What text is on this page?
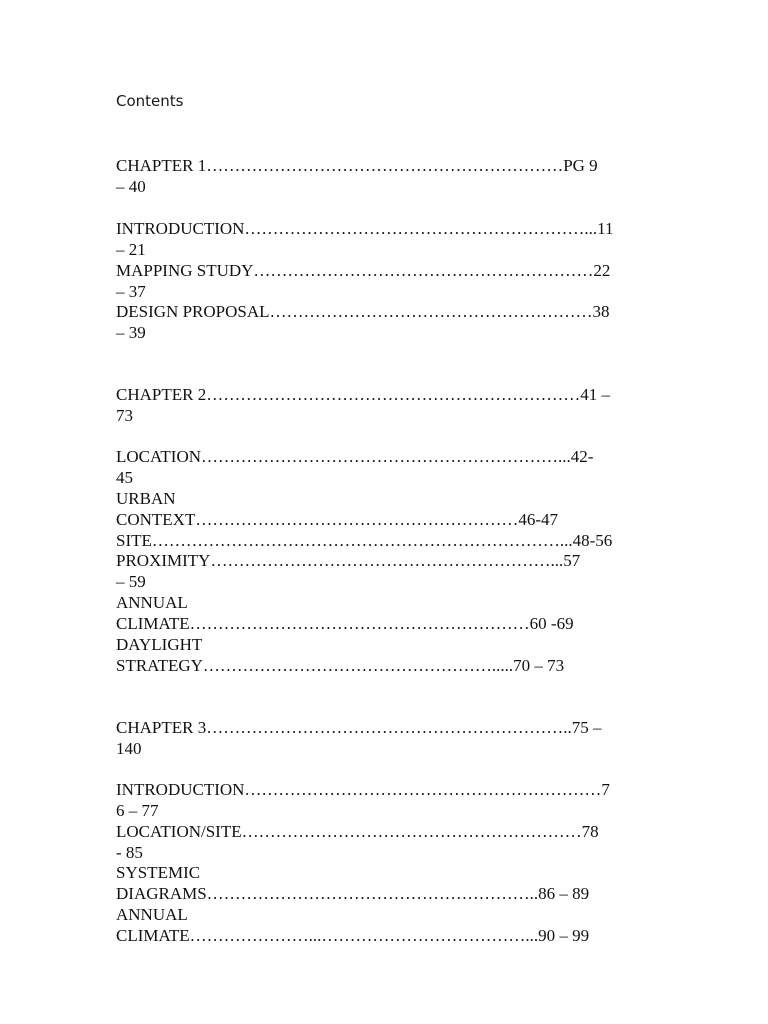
Contents
CHAPTER 1………………………………………………………PG 9
– 40
INTRODUCTION……………………………………………………...11
– 21
MAPPING STUDY……………………………………………………22
– 37
DESIGN PROPOSAL…………………………………………………38
– 39
CHAPTER 2…………………………………………………………41 –
73
LOCATION………………………………………………………...42-
45
URBAN
CONTEXT…………………………………………………46-47
SITE………………………………………………………………...48-56
PROXIMITY……………………………………………………...57
– 59
ANNUAL
CLIMATE……………………………………………………60 -69
DAYLIGHT
STRATEGY…………………………………………….....70 – 73
CHAPTER 3………………………………………………………..75 –
140
INTRODUCTION………………………………………………………7
6 – 77
LOCATION/SITE……………………………………………………78
- 85
SYSTEMIC
DIAGRAMS…………………………………………………..86 – 89
ANNUAL
CLIMATE…………………...………………………………...90 – 99
